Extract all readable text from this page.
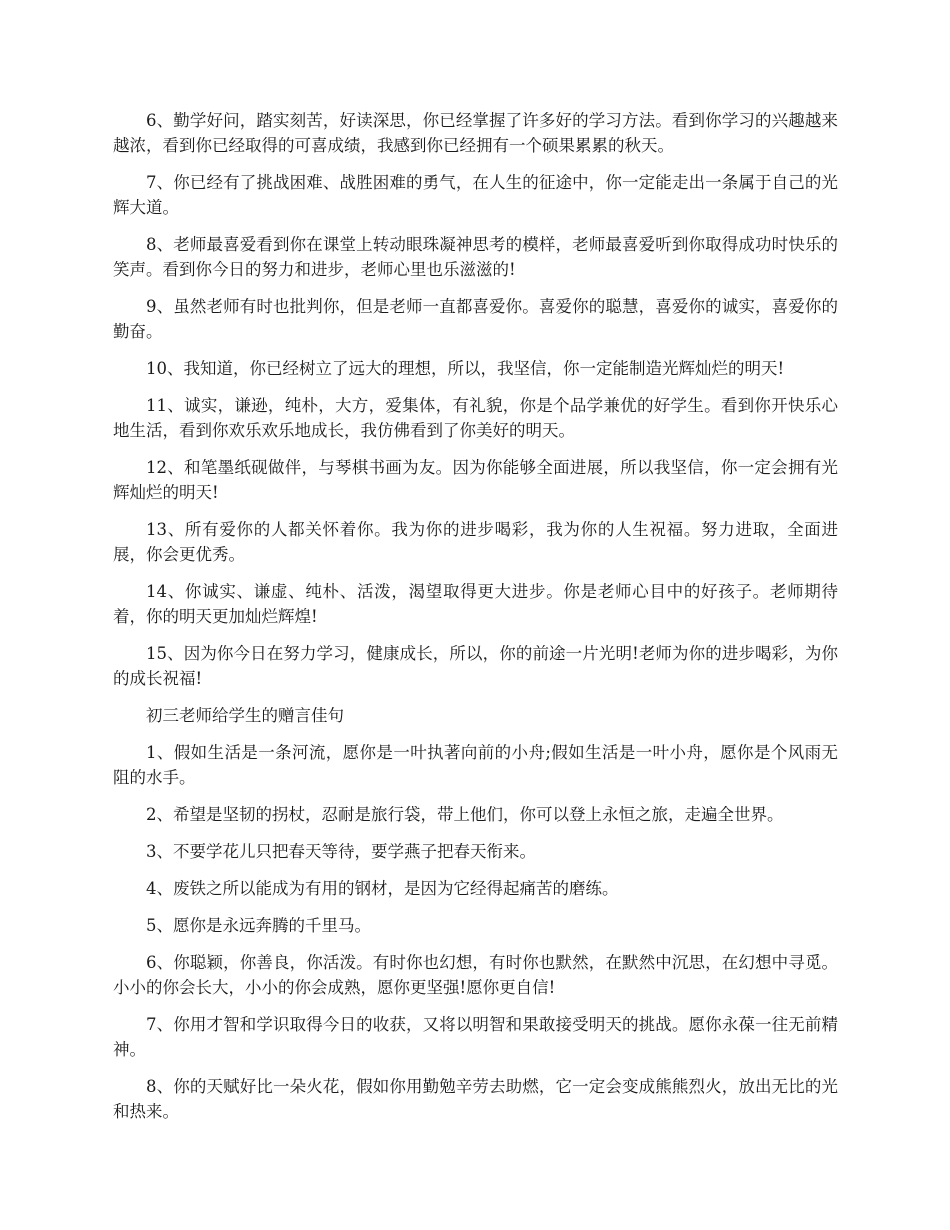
6、勤学好问，踏实刻苦，好读深思，你已经掌握了许多好的学习方法。看到你学习的兴趣越来越浓，看到你已经取得的可喜成绩，我感到你已经拥有一个硕果累累的秋天。

7、你已经有了挑战困难、战胜困难的勇气，在人生的征途中，你一定能走出一条属于自己的光辉大道。

8、老师最喜爱看到你在课堂上转动眼珠凝神思考的模样，老师最喜爱听到你取得成功时快乐的笑声。看到你今日的努力和进步，老师心里也乐滋滋的!

9、虽然老师有时也批判你，但是老师一直都喜爱你。喜爱你的聪慧，喜爱你的诚实，喜爱你的勤奋。

10、我知道，你已经树立了远大的理想，所以，我坚信，你一定能制造光辉灿烂的明天!

11、诚实，谦逊，纯朴，大方，爱集体，有礼貌，你是个品学兼优的好学生。看到你开快乐心地生活，看到你欢乐欢乐地成长，我仿佛看到了你美好的明天。

12、和笔墨纸砚做伴，与琴棋书画为友。因为你能够全面进展，所以我坚信，你一定会拥有光辉灿烂的明天!

13、所有爱你的人都关怀着你。我为你的进步喝彩，我为你的人生祝福。努力进取，全面进展，你会更优秀。

14、你诚实、谦虚、纯朴、活泼，渴望取得更大进步。你是老师心目中的好孩子。老师期待着，你的明天更加灿烂辉煌!

15、因为你今日在努力学习，健康成长，所以，你的前途一片光明!老师为你的进步喝彩，为你的成长祝福!

初三老师给学生的赠言佳句

1、假如生活是一条河流，愿你是一叶执著向前的小舟;假如生活是一叶小舟，愿你是个风雨无阻的水手。

2、希望是坚韧的拐杖，忍耐是旅行袋，带上他们，你可以登上永恒之旅，走遍全世界。

3、不要学花儿只把春天等待，要学燕子把春天衔来。

4、废铁之所以能成为有用的钢材，是因为它经得起痛苦的磨练。

5、愿你是永远奔腾的千里马。

6、你聪颖，你善良，你活泼。有时你也幻想，有时你也默然，在默然中沉思，在幻想中寻觅。小小的你会长大，小小的你会成熟，愿你更坚强!愿你更自信!

7、你用才智和学识取得今日的收获，又将以明智和果敢接受明天的挑战。愿你永葆一往无前精神。

8、你的天赋好比一朵火花，假如你用勤勉辛劳去助燃，它一定会变成熊熊烈火，放出无比的光和热来。
